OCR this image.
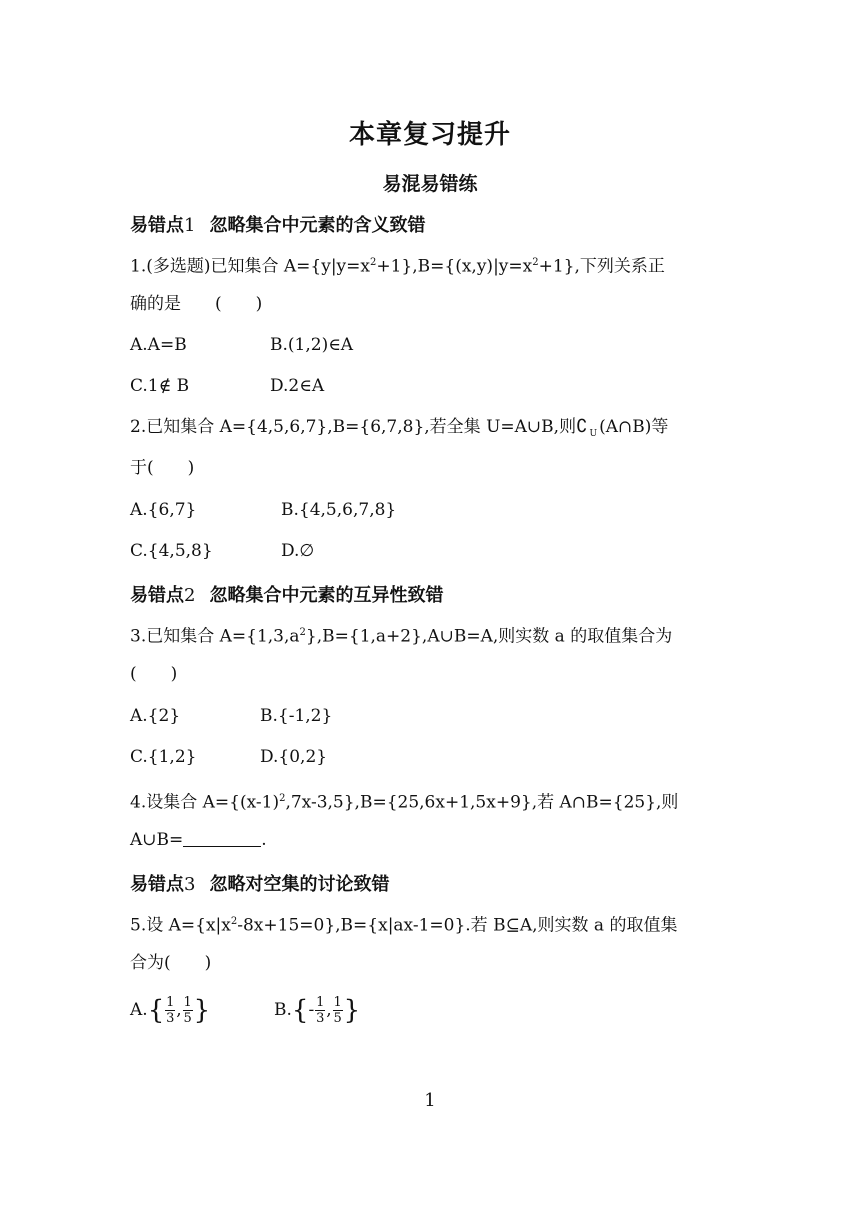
本章复习提升
易混易错练
易错点1 忽略集合中元素的含义致错
1.(多选题)已知集合 $A=\{y|y=x^2+1\},B=\{(x,y)|y=x^2+1\}$,下列关系正
确的是　　(　　)
A.A=B	B.(1,2)∈A
C.1∉ B	D.2∈A
2.已知集合 A={4,5,6,7},B={6,7,8},若全集 U=A∪B,则∁ $_U$ (A∩B)等
于(　　)
A.{6,7}	B.{4,5,6,7,8}
C.{4,5,8}	D.∅
易错点2 忽略集合中元素的互异性致错
3.已知集合 $A=\{1,3,a^2\},B=\{1,a+2\},A\cup B=A$,则实数 a 的取值集合为
(　　)
A.{2}	B.{-1,2}
C.{1,2}	D.{0,2}
4.设集合 $A=\{(x-1)^2,7x-3,5\},B=\{25,6x+1,5x+9\}$,若 A∩B={25},则
A∪B=	.
易错点3 忽略对空集的讨论致错
5.设 $A=\{x|x^2-8x+15=0\},B=\{x|ax-1=0\}$.若 B⊆A,则实数 a 的取值集
合为(　　)
$A.\{ \frac{1}{3}$ , $\frac{1}{5}$ }	$B.\{- \frac{1}{3}$ , $\frac{1}{5}$ }
1
